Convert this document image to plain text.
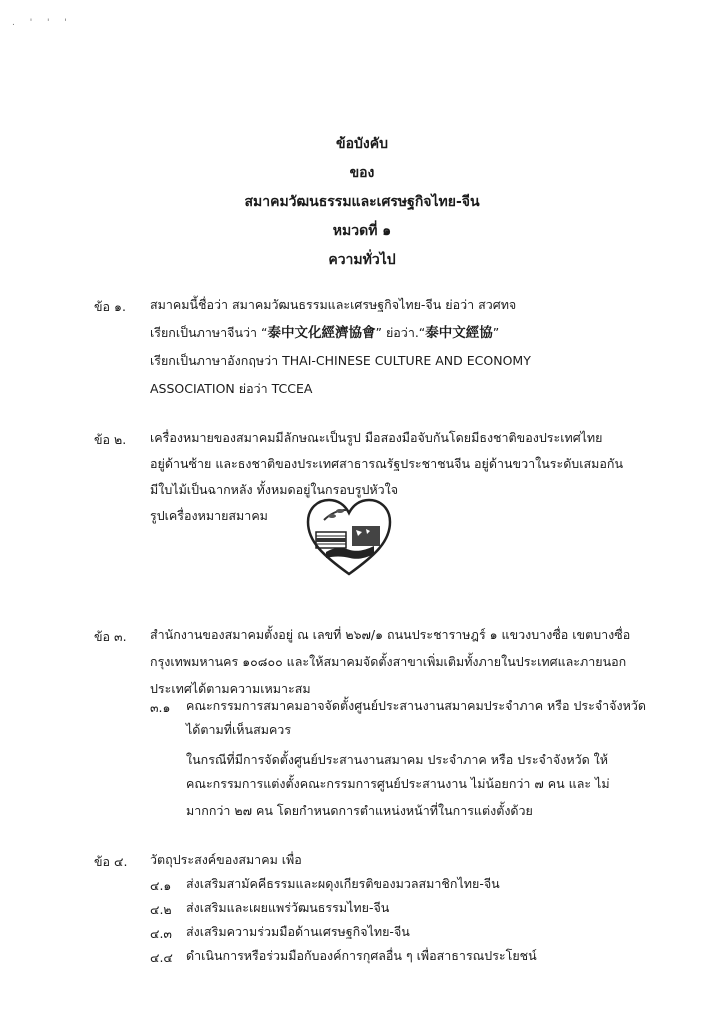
. ' ' '
ข้อบังคับ
ของ
สมาคมวัฒนธรรมและเศรษฐกิจไทย-จีน
หมวดที่ ๑
ความทั่วไป
ข้อ ๑. สมาคมนี้ชื่อว่า สมาคมวัฒนธรรมและเศรษฐกิจไทย-จีน ย่อว่า สวศทจ
เรียกเป็นภาษาจีนว่า “泰中文化經濟協會” ย่อว่า.“泰中文經協”
เรียกเป็นภาษาอังกฤษว่า THAI-CHINESE CULTURE AND ECONOMY
ASSOCIATION ย่อว่า TCCEA
ข้อ ๒. เครื่องหมายของสมาคมมีลักษณะเป็นรูป มือสองมือจับกันโดยมีธงชาติของประเทศไทย
อยู่ด้านซ้าย และธงชาติของประเทศสาธารณรัฐประชาชนจีน อยู่ด้านขวาในระดับเสมอกัน
มีใบไม้เป็นฉากหลัง ทั้งหมดอยู่ในกรอบรูปหัวใจ
รูปเครื่องหมายสมาคม
ข้อ ๓. สำนักงานของสมาคมตั้งอยู่ ณ เลขที่ ๒๖๗/๑ ถนนประชาราษฎร์ ๑ แขวงบางซื่อ เขตบางซื่อ
กรุงเทพมหานคร ๑๐๘๐๐ และให้สมาคมจัดตั้งสาขาเพิ่มเติมทั้งภายในประเทศและภายนอก
ประเทศได้ตามความเหมาะสม
๓.๑ คณะกรรมการสมาคมอาจจัดตั้งศูนย์ประสานงานสมาคมประจำภาค หรือ ประจำจังหวัด
ได้ตามที่เห็นสมควร
ในกรณีที่มีการจัดตั้งศูนย์ประสานงานสมาคม ประจำภาค หรือ ประจำจังหวัด ให้
คณะกรรมการแต่งตั้งคณะกรรมการศูนย์ประสานงาน ไม่น้อยกว่า ๗ คน และ ไม่
มากกว่า ๒๗ คน โดยกำหนดการตำแหน่งหน้าที่ในการแต่งตั้งด้วย
ข้อ ๔. วัตถุประสงค์ของสมาคม เพื่อ
๔.๑ ส่งเสริมสามัคคีธรรมและผดุงเกียรติของมวลสมาชิกไทย-จีน
๔.๒ ส่งเสริมและเผยแพร่วัฒนธรรมไทย-จีน
๔.๓ ส่งเสริมความร่วมมือด้านเศรษฐกิจไทย-จีน
๔.๔ ดำเนินการหรือร่วมมือกับองค์การกุศลอื่น ๆ เพื่อสาธารณประโยชน์
